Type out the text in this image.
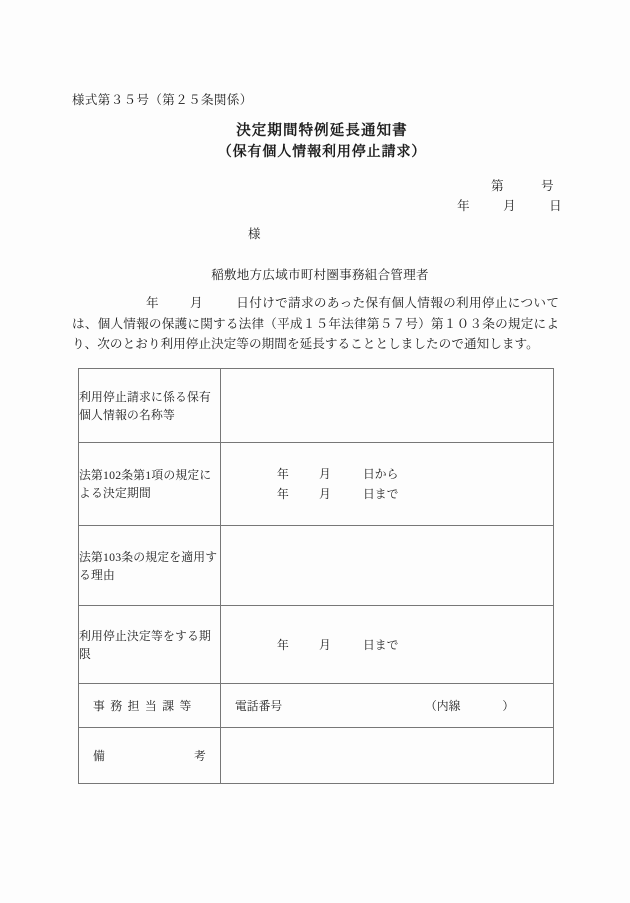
様式第３５号（第２５条関係）
決定期間特例延長通知書
（保有個人情報利用停止請求）
第	号
年	月	日
様
稲敷地方広域市町村圏事務組合管理者
年 月	日付けで請求のあった保有個人情報の利用停止については、個人情報の保護に関する法律（平成１５年法律第５７号）第１０３条の規定により、次のとおり利用停止決定等の期間を延長することとしましたので通知します。
利用停止請求に係る保有個人情報の名称等	
法第102条第1項の規定による決定期間	年 月 日から
年 月 日まで

法第103条の規定を適用する理由	
利用停止決定等をする期限	年 月 日まで

事務担当課等	電話番号 （内線 ）

備 考	
